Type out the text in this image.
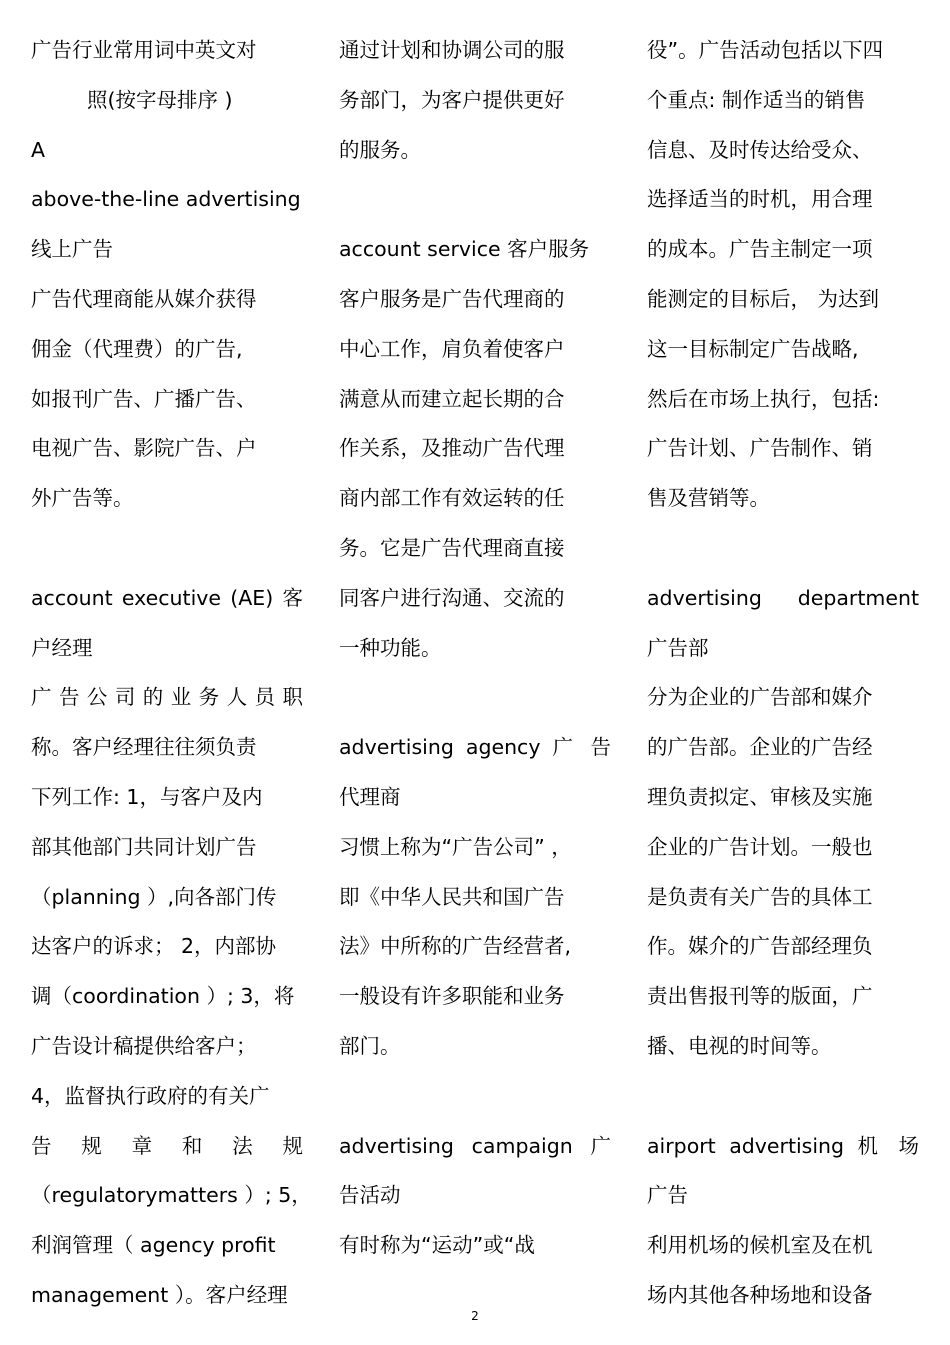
广告行业常用词中英文对
照(按字母排序 )
A
above-the-line advertising
线上广告
广告代理商能从媒介获得
佣金（代理费）的广告,
如报刊广告、广播广告、
电视广告、影院广告、户
外广告等。
account executive (AE) 客
户经理
广 告 公 司 的 业 务 人 员 职
称。客户经理往往须负责
下列工作: 1，与客户及内
部其他部门共同计划广告
（planning ）,向各部门传
达客户的诉求； 2，内部协
调（coordination ）; 3，将
广告设计稿提供给客户；
4，监督执行政府的有关广
告 规 章 和 法 规
（regulatorymatters ）; 5，
利润管理（ agency profit
management ）。客户经理
通过计划和协调公司的服
务部门，为客户提供更好
的服务。
account service 客户服务
客户服务是广告代理商的
中心工作，肩负着使客户
满意从而建立起长期的合
作关系，及推动广告代理
商内部工作有效运转的任
务。它是广告代理商直接
同客户进行沟通、交流的
一种功能。
advertising agency 广 告
代理商
习惯上称为“广告公司” ，
即《中华人民共和国广告
法》中所称的广告经营者,
一般设有许多职能和业务
部门。
advertising campaign 广
告活动
有时称为“运动”或“战
役”。广告活动包括以下四
个重点: 制作适当的销售
信息、及时传达给受众、
选择适当的时机，用合理
的成本。广告主制定一项
能测定的目标后， 为达到
这一目标制定广告战略,
然后在市场上执行，包括:
广告计划、广告制作、销
售及营销等。
advertising department
广告部
分为企业的广告部和媒介
的广告部。企业的广告经
理负责拟定、审核及实施
企业的广告计划。一般也
是负责有关广告的具体工
作。媒介的广告部经理负
责出售报刊等的版面，广
播、电视的时间等。
airport advertising 机 场
广告
利用机场的候机室及在机
场内其他各种场地和设备
2
